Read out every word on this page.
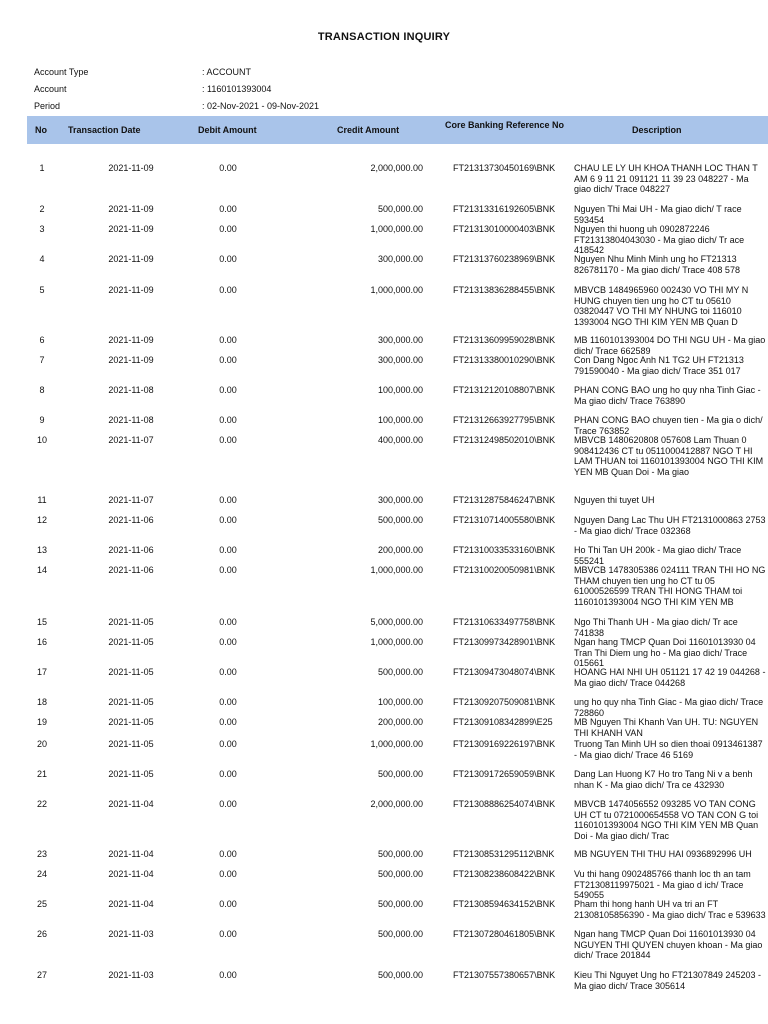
TRANSACTION INQUIRY
Account Type	: ACCOUNT
Account	: 1160101393004
Period	: 02-Nov-2021 - 09-Nov-2021
No Transaction Date	Debit Amount	Credit Amount	Core Banking Reference No	Description
1	2021-11-09	0.00	2,000,000.00	FT21313730450169\BNK	CHAU LE LY UH KHOA THANH LOC THAN T AM 6 9 11 21 091121 11 39 23 048227 - Ma giao dich/ Trace 048227
2	2021-11-09	0.00	500,000.00	FT21313316192605\BNK	Nguyen Thi Mai UH - Ma giao dich/ T race 593454
3	2021-11-09	0.00	1,000,000.00	FT21313010000403\BNK	Nguyen thi huong uh 0902872246 FT21313804043030 - Ma giao dich/ Tr ace 418542
4	2021-11-09	0.00	300,000.00	FT21313760238969\BNK	Nguyen Nhu Minh Minh ung ho FT21313 826781170 - Ma giao dich/ Trace 408 578
5	2021-11-09	0.00	1,000,000.00	FT21313836288455\BNK	MBVCB 1484965960 002430 VO THI MY N HUNG chuyen tien ung ho CT tu 05610 03820447 VO THI MY NHUNG toi 116010 1393004 NGO THI KIM YEN MB Quan D
6	2021-11-09	0.00	300,000.00	FT21313609959028\BNK	MB 1160101393004 DO THI NGU UH - Ma giao dich/ Trace 662589
7	2021-11-09	0.00	300,000.00	FT21313380010290\BNK	Con Dang Ngoc Anh N1 TG2 UH FT21313 791590040 - Ma giao dich/ Trace 351 017
8	2021-11-08	0.00	100,000.00	FT21312120108807\BNK	PHAN CONG BAO ung ho quy nha Tinh Giac - Ma giao dich/ Trace 763890
9	2021-11-08	0.00	100,000.00	FT21312663927795\BNK	PHAN CONG BAO chuyen tien - Ma gia o dich/ Trace 763852
10	2021-11-07	0.00	400,000.00	FT21312498502010\BNK	MBVCB 1480620808 057608 Lam Thuan 0 908412436 CT tu 0511000412887 NGO T HI LAM THUAN toi 1160101393004 NGO THI KIM YEN MB Quan Doi - Ma giao
11	2021-11-07	0.00	300,000.00	FT21312875846247\BNK	Nguyen thi tuyet UH
12	2021-11-06	0.00	500,000.00	FT21310714005580\BNK	Nguyen Dang Lac Thu UH FT2131000863 2753 - Ma giao dich/ Trace 032368
13	2021-11-06	0.00	200,000.00	FT21310033533160\BNK	Ho Thi Tan UH 200k - Ma giao dich/ Trace 555241
14	2021-11-06	0.00	1,000,000.00	FT21310020050981\BNK	MBVCB 1478305386 024111 TRAN THI HO NG THAM chuyen tien ung ho CT tu 05 61000526599 TRAN THI HONG THAM toi 1160101393004 NGO THI KIM YEN MB
15	2021-11-05	0.00	5,000,000.00	FT21310633497758\BNK	Ngo Thi Thanh UH - Ma giao dich/ Tr ace 741838
16	2021-11-05	0.00	1,000,000.00	FT21309973428901\BNK	Ngan hang TMCP Quan Doi 11601013930 04 Tran Thi Diem ung ho - Ma giao dich/ Trace 015661
17	2021-11-05	0.00	500,000.00	FT21309473048074\BNK	HOANG HAI NHI UH 051121 17 42 19 044268 - Ma giao dich/ Trace 044268
18	2021-11-05	0.00	100,000.00	FT21309207509081\BNK	ung ho quy nha Tinh Giac - Ma giao dich/ Trace 728860
19	2021-11-05	0.00	200,000.00	FT21309108342899\E25	MB Nguyen Thi Khanh Van UH. TU: NGUYEN THI KHANH VAN
20	2021-11-05	0.00	1,000,000.00	FT21309169226197\BNK	Truong Tan Minh UH so dien thoai 0913461387 - Ma giao dich/ Trace 46 5169
21	2021-11-05	0.00	500,000.00	FT21309172659059\BNK	Dang Lan Huong K7 Ho tro Tang Ni v a benh nhan K - Ma giao dich/ Tra ce 432930
22	2021-11-04	0.00	2,000,000.00	FT21308886254074\BNK	MBVCB 1474056552 093285 VO TAN CONG UH CT tu 0721000654558 VO TAN CON G toi 1160101393004 NGO THI KIM YEN MB Quan Doi - Ma giao dich/ Trac
23	2021-11-04	0.00	500,000.00	FT21308531295112\BNK	MB NGUYEN THI THU HAI 0936892996 UH
24	2021-11-04	0.00	500,000.00	FT21308238608422\BNK	Vu thi hang 0902485766 thanh loc th an tam FT21308119975021 - Ma giao d ich/ Trace 549055
25	2021-11-04	0.00	500,000.00	FT21308594634152\BNK	Pham thi hong hanh UH va tri an FT 21308105856390 - Ma giao dich/ Trac e 539633
26	2021-11-03	0.00	500,000.00	FT21307280461805\BNK	Ngan hang TMCP Quan Doi 11601013930 04 NGUYEN THI QUYEN chuyen khoan - Ma giao dich/ Trace 201844
27	2021-11-03	0.00	500,000.00	FT21307557380657\BNK	Kieu Thi Nguyet Ung ho FT21307849 245203 - Ma giao dich/ Trace 305614
